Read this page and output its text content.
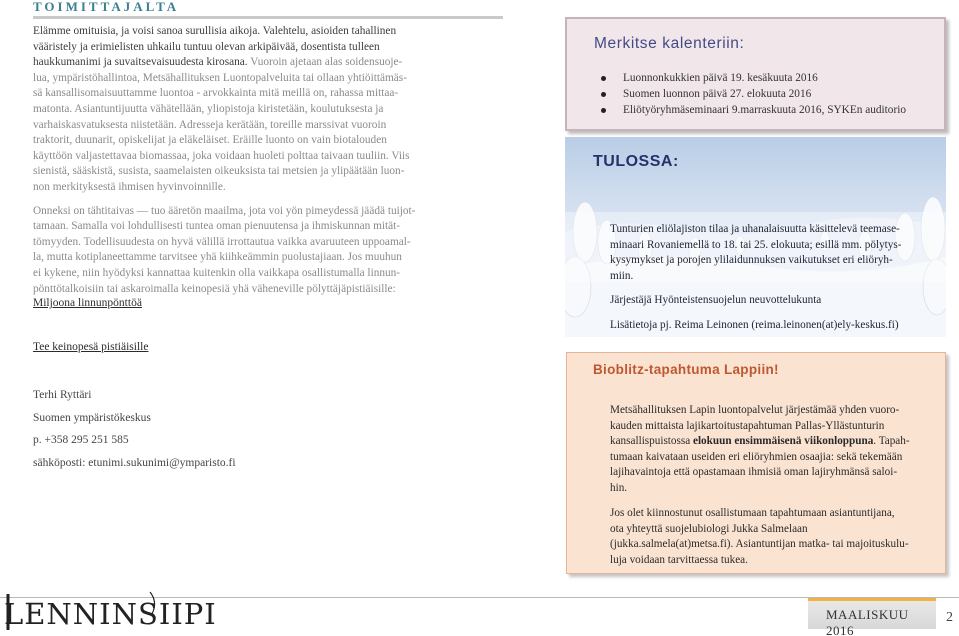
TOIMITTAJALTA
Elämme omituisia, ja voisi sanoa surullisia aikoja. Valehtelu, asioiden tahallinen
vääristely ja erimielisten uhkailu tuntuu olevan arkipäivää, dosentista tulleen
haukkumanimi ja suvaitsevaisuudesta kirosana. Vuoroin ajetaan alas soidensuoje-
lua, ympäristöhallintoa, Metsähallituksen Luontopalveluita tai ollaan yhtiöittämäs-
sä kansallisomaisuuttamme luontoa - arvokkainta mitä meillä on, rahassa mittaa-
matonta. Asiantuntijuutta vähätellään, yliopistoja kiristetään, koulutuksesta ja
varhaiskasvatuksesta niistetään. Adresseja kerätään, toreille marssivat vuoroin
traktorit, duunarit, opiskelijat ja eläkeläiset. Eräille luonto on vain biotalouden
käyttöön valjastettavaa biomassaa, joka voidaan huoleti polttaa taivaan tuuliin. Viis
sienistä, sääskistä, susista, saamelaisten oikeuksista tai metsien ja ylipäätään luon-
non merkityksestä ihmisen hyvinvoinnille.
Onneksi on tähtitaivas — tuo ääretön maailma, jota voi yön pimeydessä jäädä tuijot-
tamaan. Samalla voi lohdullisesti tuntea oman pienuutensa ja ihmiskunnan mität-
tömyyden. Todellisuudesta on hyvä välillä irrottautua vaikka avaruuteen uppoamal-
la, mutta kotiplaneettamme tarvitsee yhä kiihkeämmin puolustajiaan. Jos muuhun
ei kykene, niin hyödyksi kannattaa kuitenkin olla vaikkapa osallistumalla linnun-
pönttötalkoisiin tai askaroimalla keinopesiä yhä väheneville pölyttäjäpistiäisille:
Miljoona linnunpönttöä
Tee keinopesä pistiäisille
Terhi Ryttäri
Suomen ympäristökeskus
p. +358 295 251 585
sähköposti: etunimi.sukunimi@ymparisto.fi
Merkitse kalenteriin:
Luonnonkukkien päivä 19. kesäkuuta 2016
Suomen luonnon päivä 27. elokuuta 2016
Eliötyöryhmäseminaari 9.marraskuuta 2016, SYKEn auditorio
TULOSSA:

Tunturien eliölajiston tilaa ja uhanalaisuutta käsittelevä teemase-
minaari Rovaniemellä to 18. tai 25. elokuuta; esillä mm. pölytys-
kysymykset ja porojen ylilaidunnuksen vaikutukset eri eliöryh-
miin.

Järjestäjä Hyönteistensuojelun neuvottelukunta

Lisätietoja pj. Reima Leinonen (reima.leinonen(at)ely-keskus.fi)

Bioblitz-tapahtuma Lappiin!

Metsähallituksen Lapin luontopalvelut järjestämää yhden vuoro-
kauden mittaista lajikartoitustapahtuman Pallas-Yllästunturin
kansallispuistossa elokuun ensimmäisenä viikonloppuna. Tapah-
tumaan kaivataan useiden eri eliöryhmien osaajia: sekä tekemään
lajihavaintoja että opastamaan ihmisiä oman lajiryhmänsä saloi-
hin.

Jos olet kiinnostunut osallistumaan tapahtumaan asiantuntijana,
ota yhteyttä suojelubiologi Jukka Salmelaan
(jukka.salmela(at)metsa.fi). Asiantuntijan matka- tai majoituskulu-
luja voidaan tarvittaessa tukea.

LENNINSIIPI	MAALISKUU 2016
2
